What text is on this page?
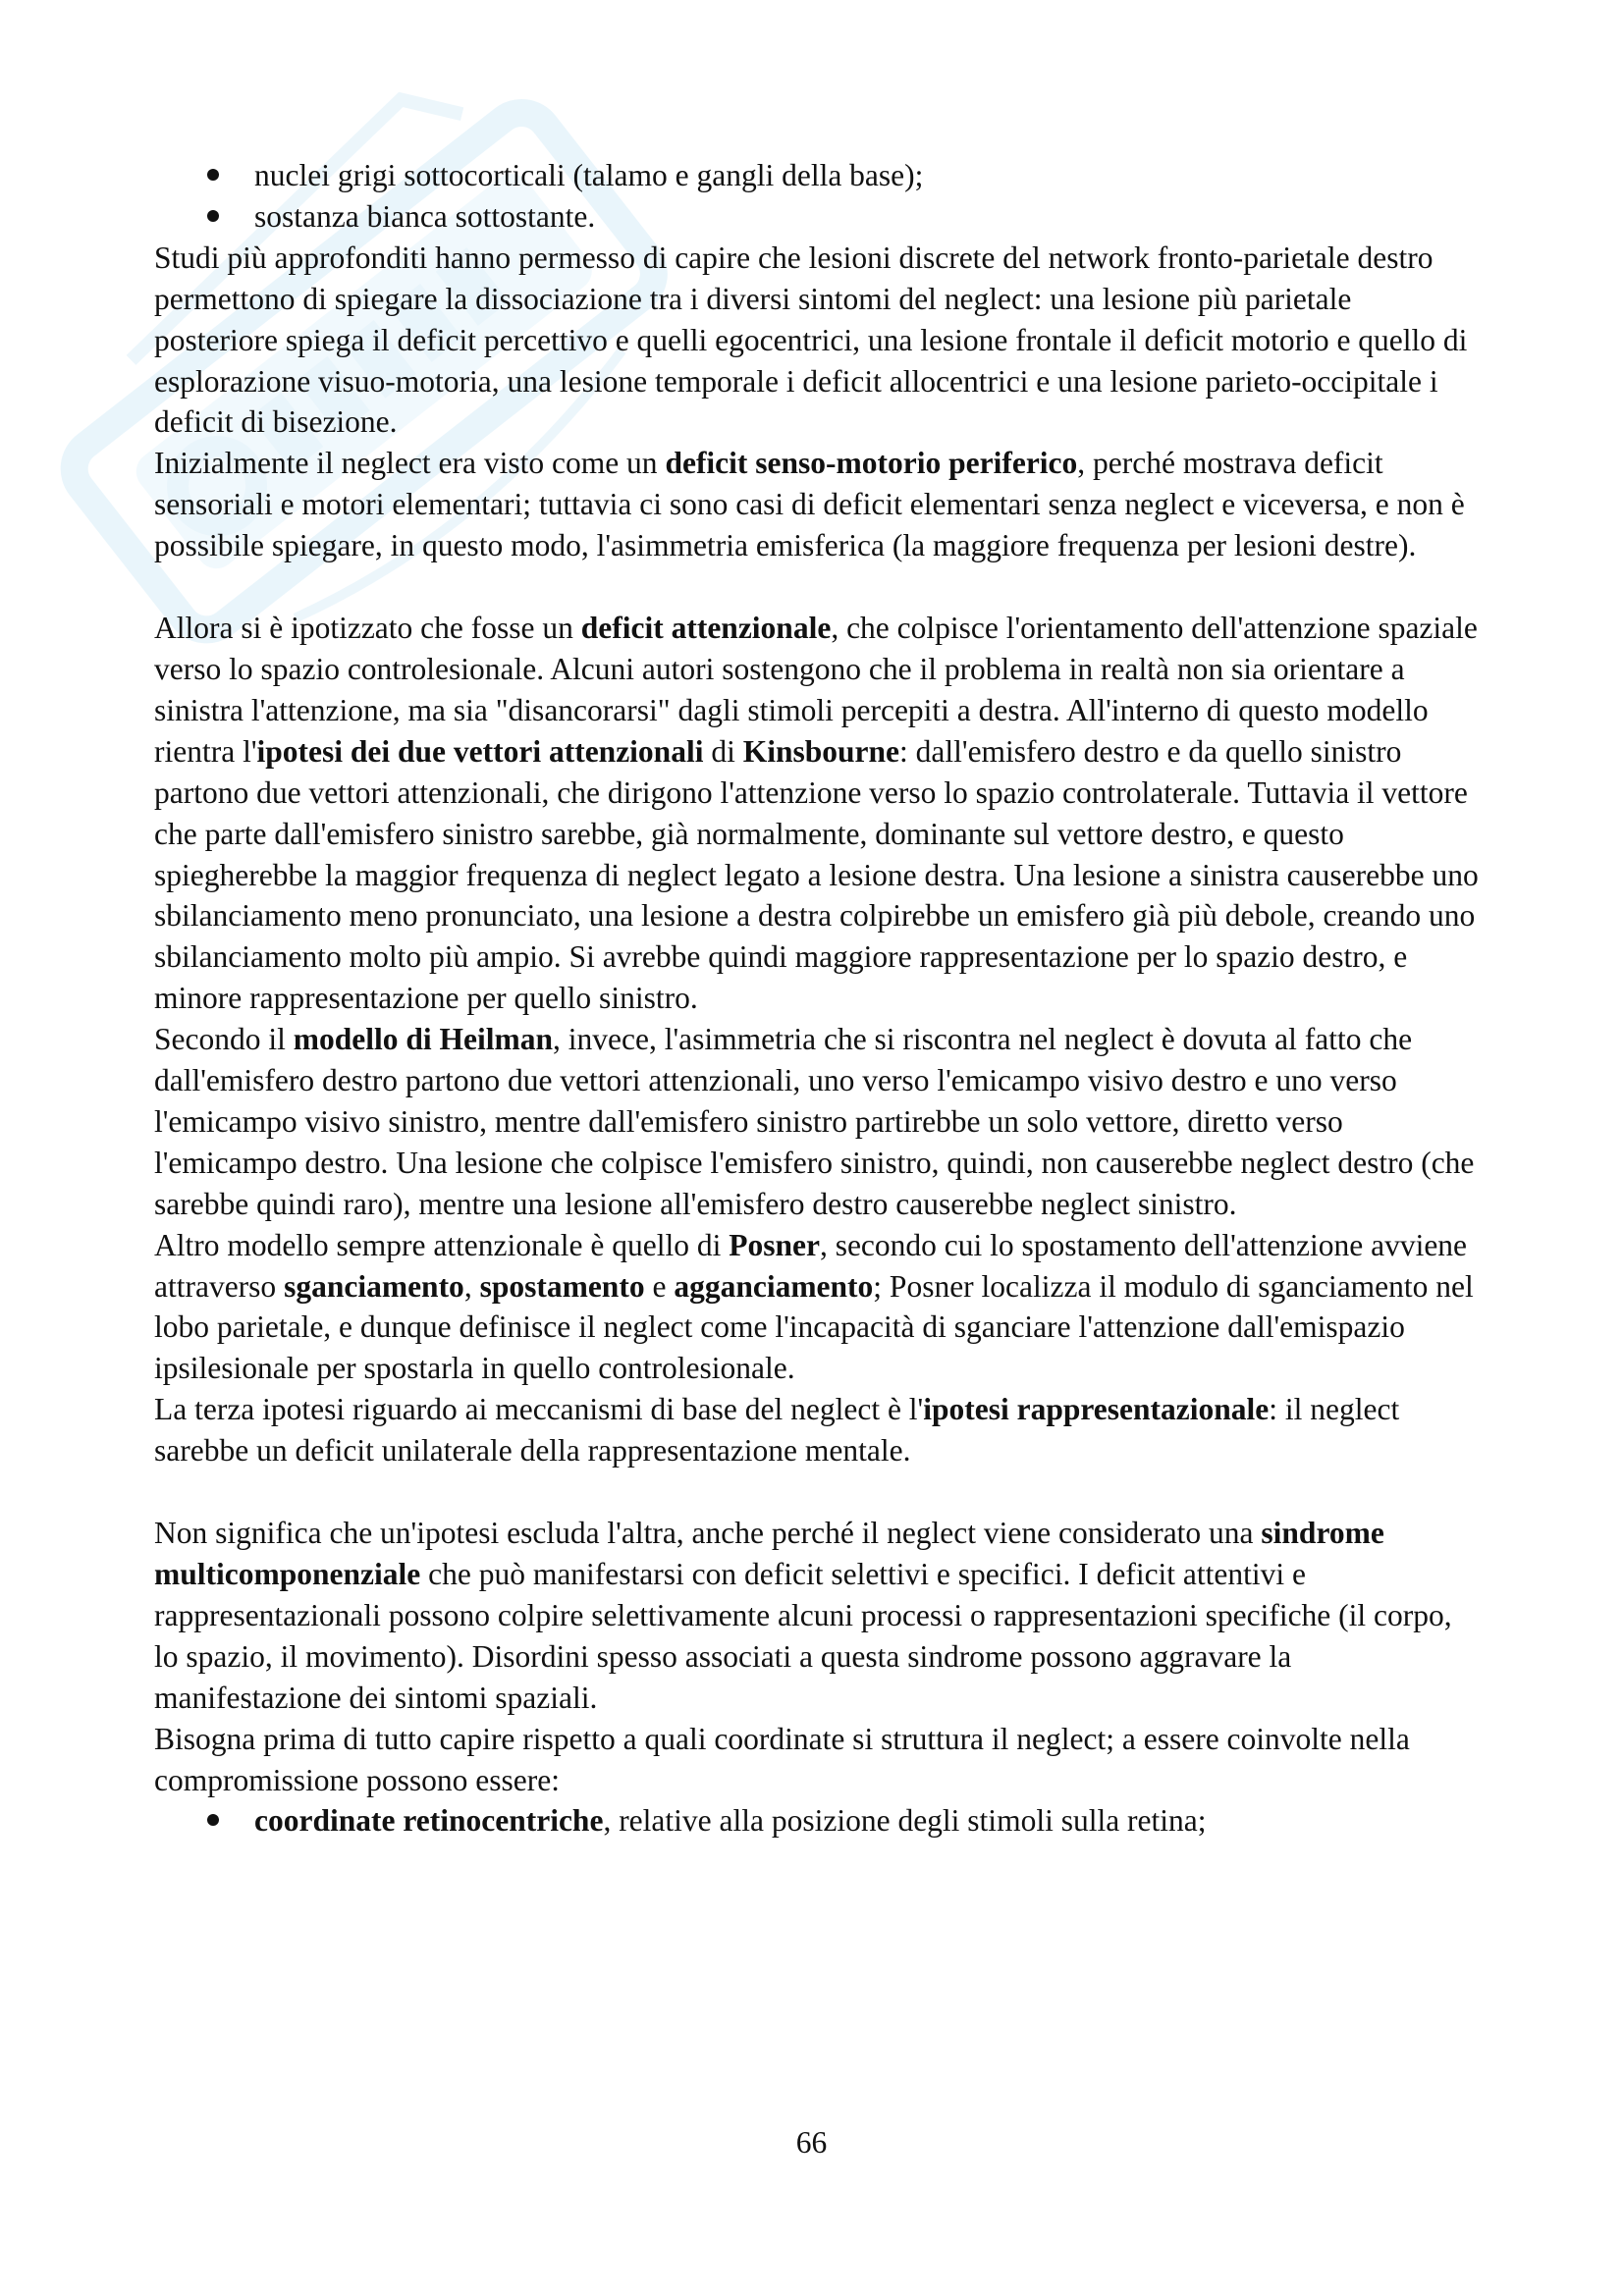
nuclei grigi sottocorticali (talamo e gangli della base);
sostanza bianca sottostante.

Studi più approfonditi hanno permesso di capire che lesioni discrete del network fronto-parietale destro permettono di spiegare la dissociazione tra i diversi sintomi del neglect: una lesione più parietale posteriore spiega il deficit percettivo e quelli egocentrici, una lesione frontale il deficit motorio e quello di esplorazione visuo-motoria, una lesione temporale i deficit allocentrici e una lesione parieto-occipitale i deficit di bisezione.

Inizialmente il neglect era visto come un deficit senso-motorio periferico, perché mostrava deficit sensoriali e motori elementari; tuttavia ci sono casi di deficit elementari senza neglect e viceversa, e non è possibile spiegare, in questo modo, l'asimmetria emisferica (la maggiore frequenza per lesioni destre).

Allora si è ipotizzato che fosse un deficit attenzionale, che colpisce l'orientamento dell'attenzione spaziale verso lo spazio controlesionale. Alcuni autori sostengono che il problema in realtà non sia orientare a sinistra l'attenzione, ma sia "disancorarsi" dagli stimoli percepiti a destra. All'interno di questo modello rientra l'ipotesi dei due vettori attenzionali di Kinsbourne: dall'emisfero destro e da quello sinistro partono due vettori attenzionali, che dirigono l'attenzione verso lo spazio controlaterale. Tuttavia il vettore che parte dall'emisfero sinistro sarebbe, già normalmente, dominante sul vettore destro, e questo spiegherebbe la maggior frequenza di neglect legato a lesione destra. Una lesione a sinistra causerebbe uno sbilanciamento meno pronunciato, una lesione a destra colpirebbe un emisfero già più debole, creando uno sbilanciamento molto più ampio. Si avrebbe quindi maggiore rappresentazione per lo spazio destro, e minore rappresentazione per quello sinistro.

Secondo il modello di Heilman, invece, l'asimmetria che si riscontra nel neglect è dovuta al fatto che dall'emisfero destro partono due vettori attenzionali, uno verso l'emicampo visivo destro e uno verso l'emicampo visivo sinistro, mentre dall'emisfero sinistro partirebbe un solo vettore, diretto verso l'emicampo destro. Una lesione che colpisce l'emisfero sinistro, quindi, non causerebbe neglect destro (che sarebbe quindi raro), mentre una lesione all'emisfero destro causerebbe neglect sinistro.

Altro modello sempre attenzionale è quello di Posner, secondo cui lo spostamento dell'attenzione avviene attraverso sganciamento, spostamento e agganciamento; Posner localizza il modulo di sganciamento nel lobo parietale, e dunque definisce il neglect come l'incapacità di sganciare l'attenzione dall'emispazio ipsilesionale per spostarla in quello controlesionale.

La terza ipotesi riguardo ai meccanismi di base del neglect è l'ipotesi rappresentazionale: il neglect sarebbe un deficit unilaterale della rappresentazione mentale.

Non significa che un'ipotesi escluda l'altra, anche perché il neglect viene considerato una sindrome multicomponenziale che può manifestarsi con deficit selettivi e specifici. I deficit attentivi e rappresentazionali possono colpire selettivamente alcuni processi o rappresentazioni specifiche (il corpo, lo spazio, il movimento). Disordini spesso associati a questa sindrome possono aggravare la manifestazione dei sintomi spaziali.

Bisogna prima di tutto capire rispetto a quali coordinate si struttura il neglect; a essere coinvolte nella compromissione possono essere:

coordinate retinocentriche, relative alla posizione degli stimoli sulla retina;
66
